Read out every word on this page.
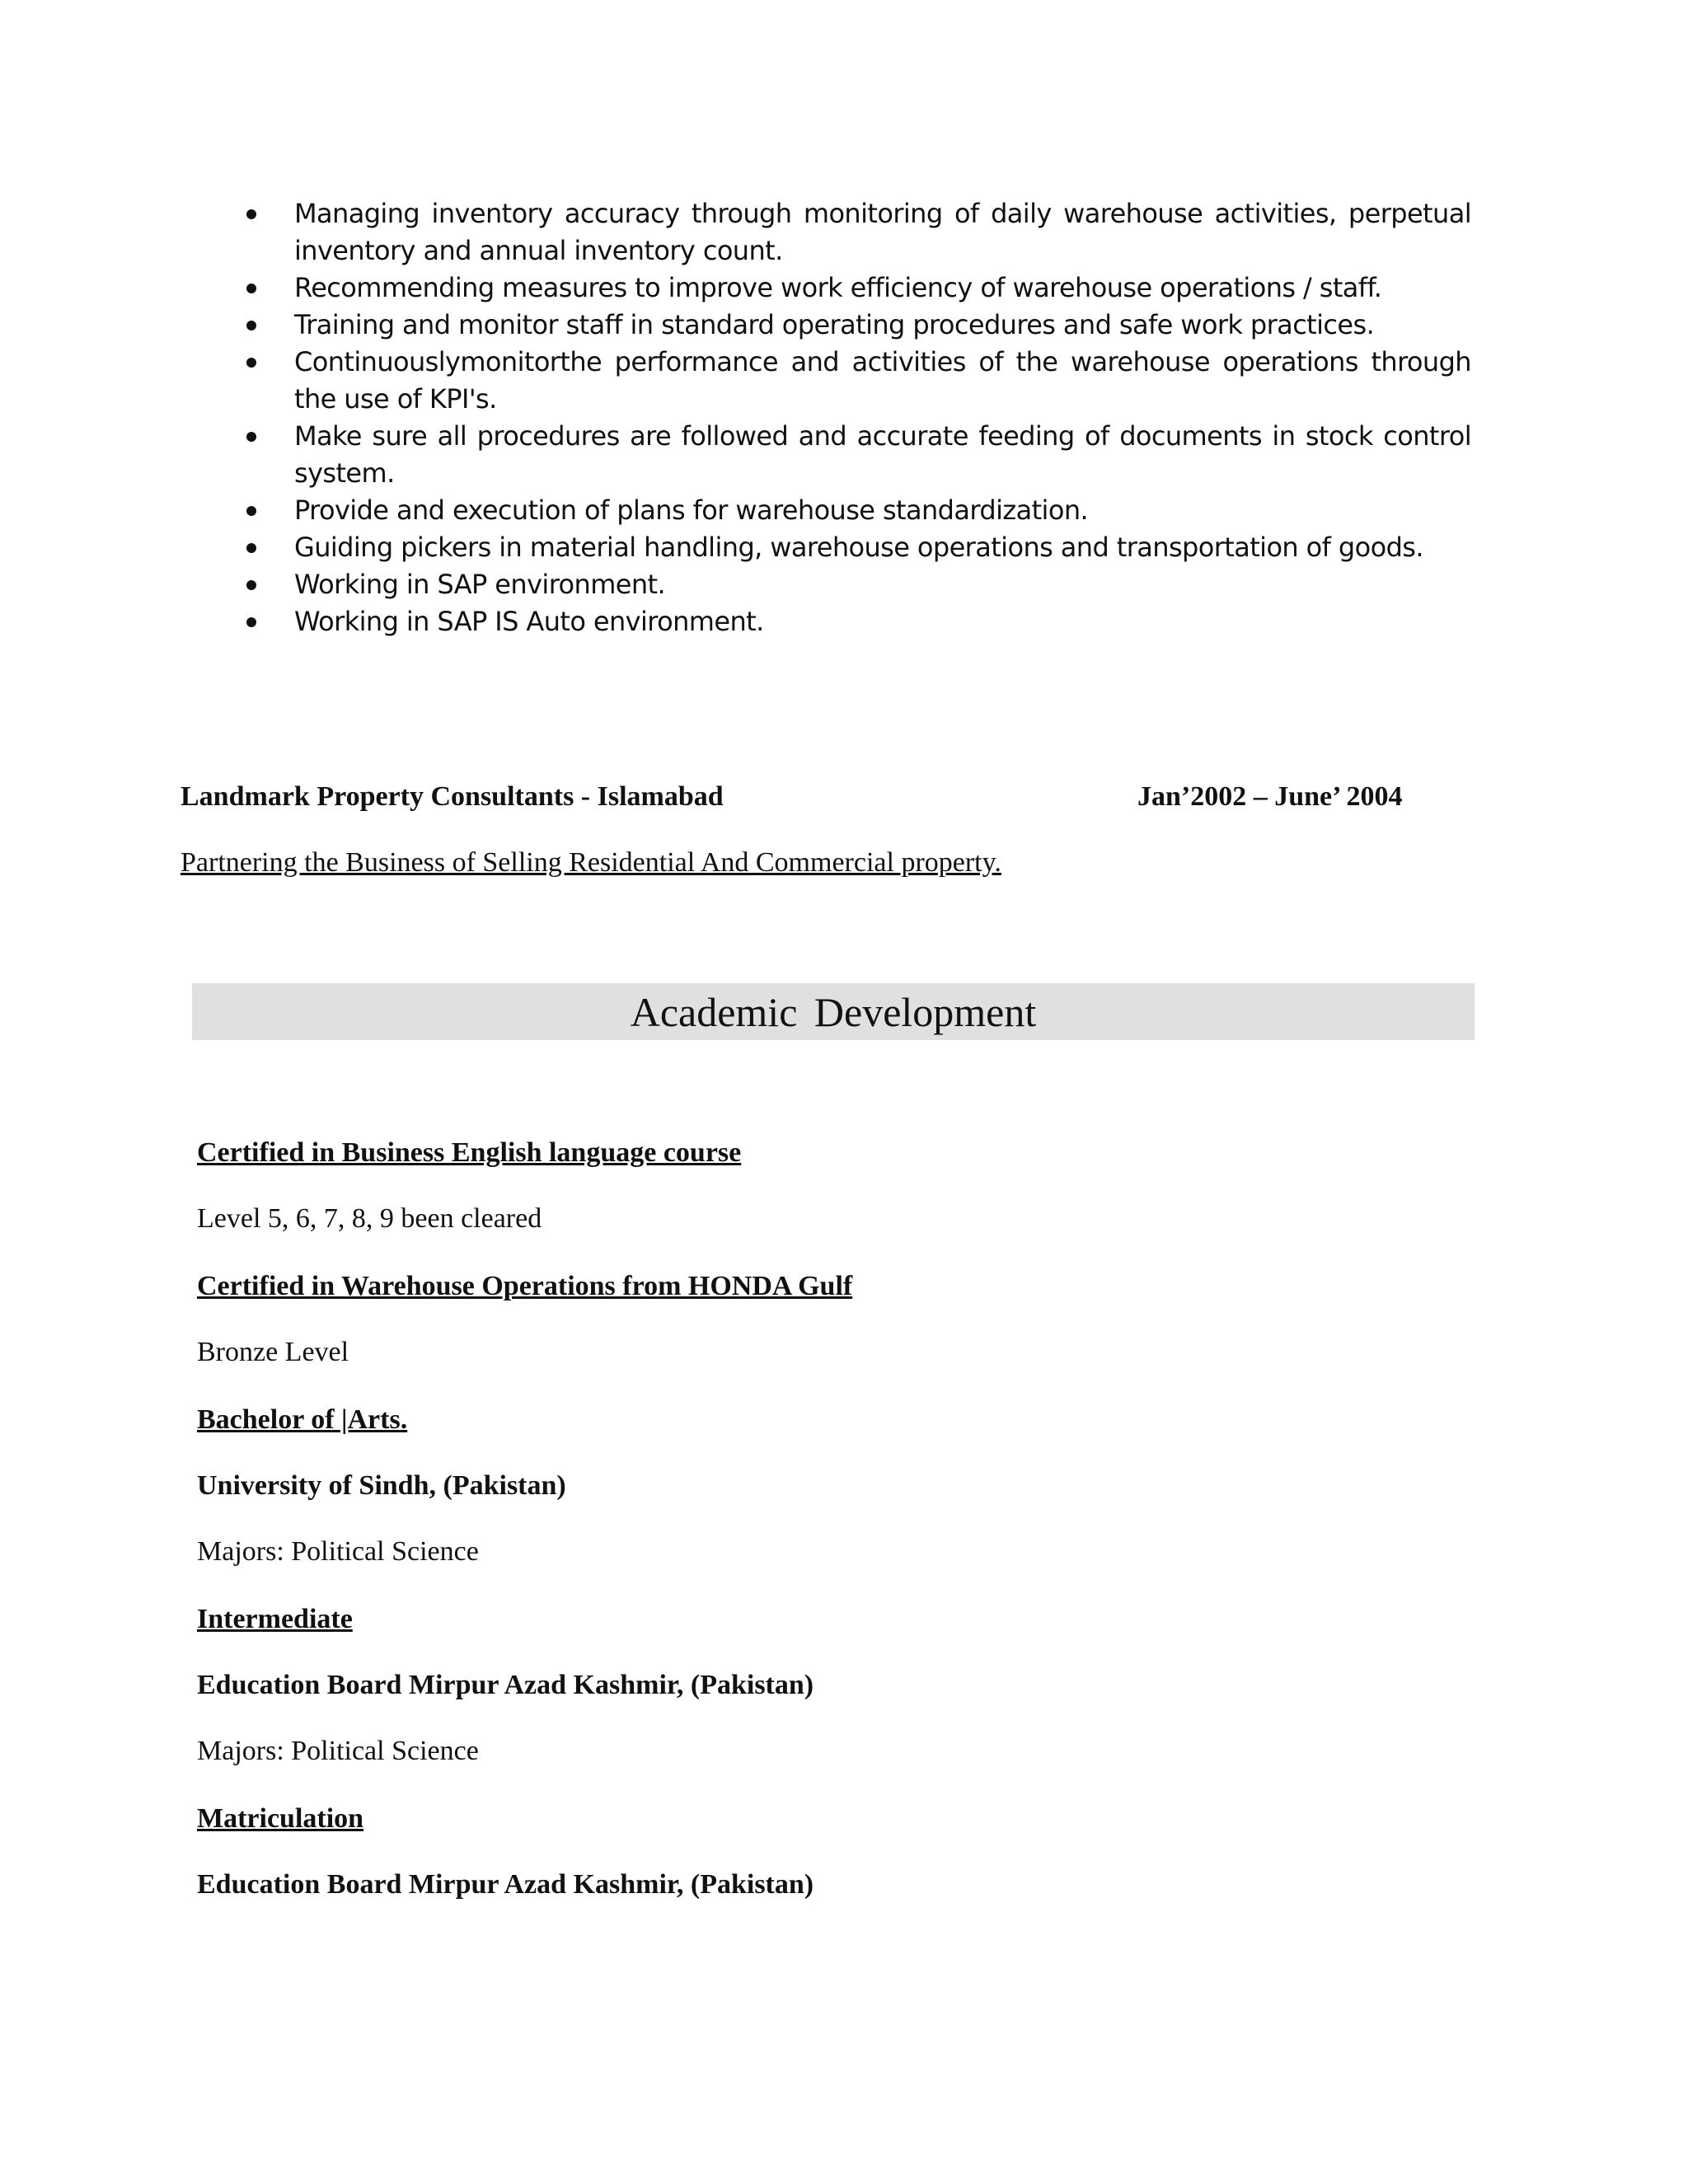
Managing inventory accuracy through monitoring of daily warehouse activities, perpetual inventory and annual inventory count.
Recommending measures to improve work efficiency of warehouse operations / staff.
Training and monitor staff in standard operating procedures and safe work practices.
Continuouslymonitorthe performance and activities of the warehouse operations through the use of KPI's.
Make sure all procedures are followed and accurate feeding of documents in stock control system.
Provide and execution of plans for warehouse standardization.
Guiding pickers in material handling, warehouse operations and transportation of goods.
Working in SAP environment.
Working in SAP IS Auto environment.
Landmark Property Consultants - Islamabad	Jan’2002 – June’ 2004
Partnering the Business of Selling Residential And Commercial property.
Academic Development
Certified in Business English language course
Level 5, 6, 7, 8, 9 been cleared
Certified in Warehouse Operations from HONDA Gulf
Bronze Level
Bachelor of |Arts.
University of Sindh, (Pakistan)
Majors: Political Science
Intermediate
Education Board Mirpur Azad Kashmir, (Pakistan)
Majors: Political Science
Matriculation
Education Board Mirpur Azad Kashmir, (Pakistan)
